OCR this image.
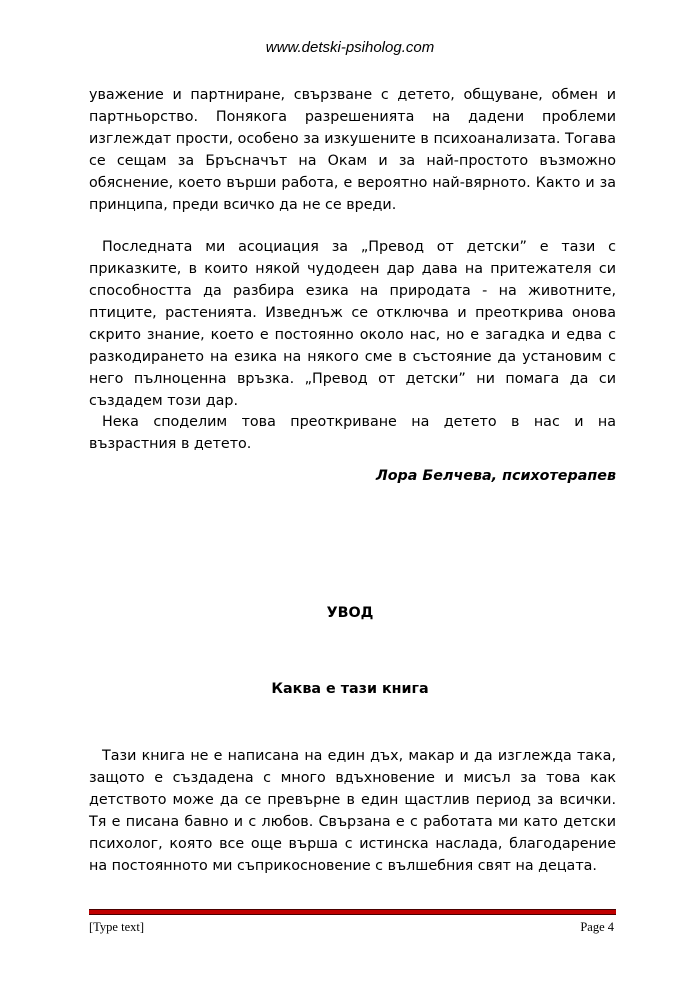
www.detski-psiholog.com

уважение и партниране, свързване с детето, общуване, обмен и партньорство. Понякога разрешенията на дадени проблеми изглеждат прости, особено за изкушените в психоанализата. Тогава се сещам за Бръсначът на Окам и за най-простото възможно обяснение, което върши работа, е вероятно най-вярното. Както и за принципа, преди всичко да не се вреди.

Последната ми асоциация за „Превод от детски” е тази с приказките, в които някой чудодеен дар дава на притежателя си способността да разбира езика на природата - на животните, птиците, растенията. Изведнъж се отключва и преоткрива онова скрито знание, което е постоянно около нас, но е загадка и едва с разкодирането на езика на някого сме в състояние да установим с него пълноценна връзка. „Превод от детски” ни помага да си създадем този дар.

Нека споделим това преоткриване на детето в нас и на възрастния в детето.

Лора Белчева, психотерапев
УВОД
Каква е тази книга

Тази книга не е написана на един дъх, макар и да изглежда така, защото е създадена с много вдъхновение и мисъл за това как детството може да се превърне в един щастлив период за всички. Тя е писана бавно и с любов. Свързана е с работата ми като детски психолог, която все още върша с истинска наслада, благодарение на постоянното ми съприкосновение с вълшебния свят на децата.

[Type text]	Page 4
